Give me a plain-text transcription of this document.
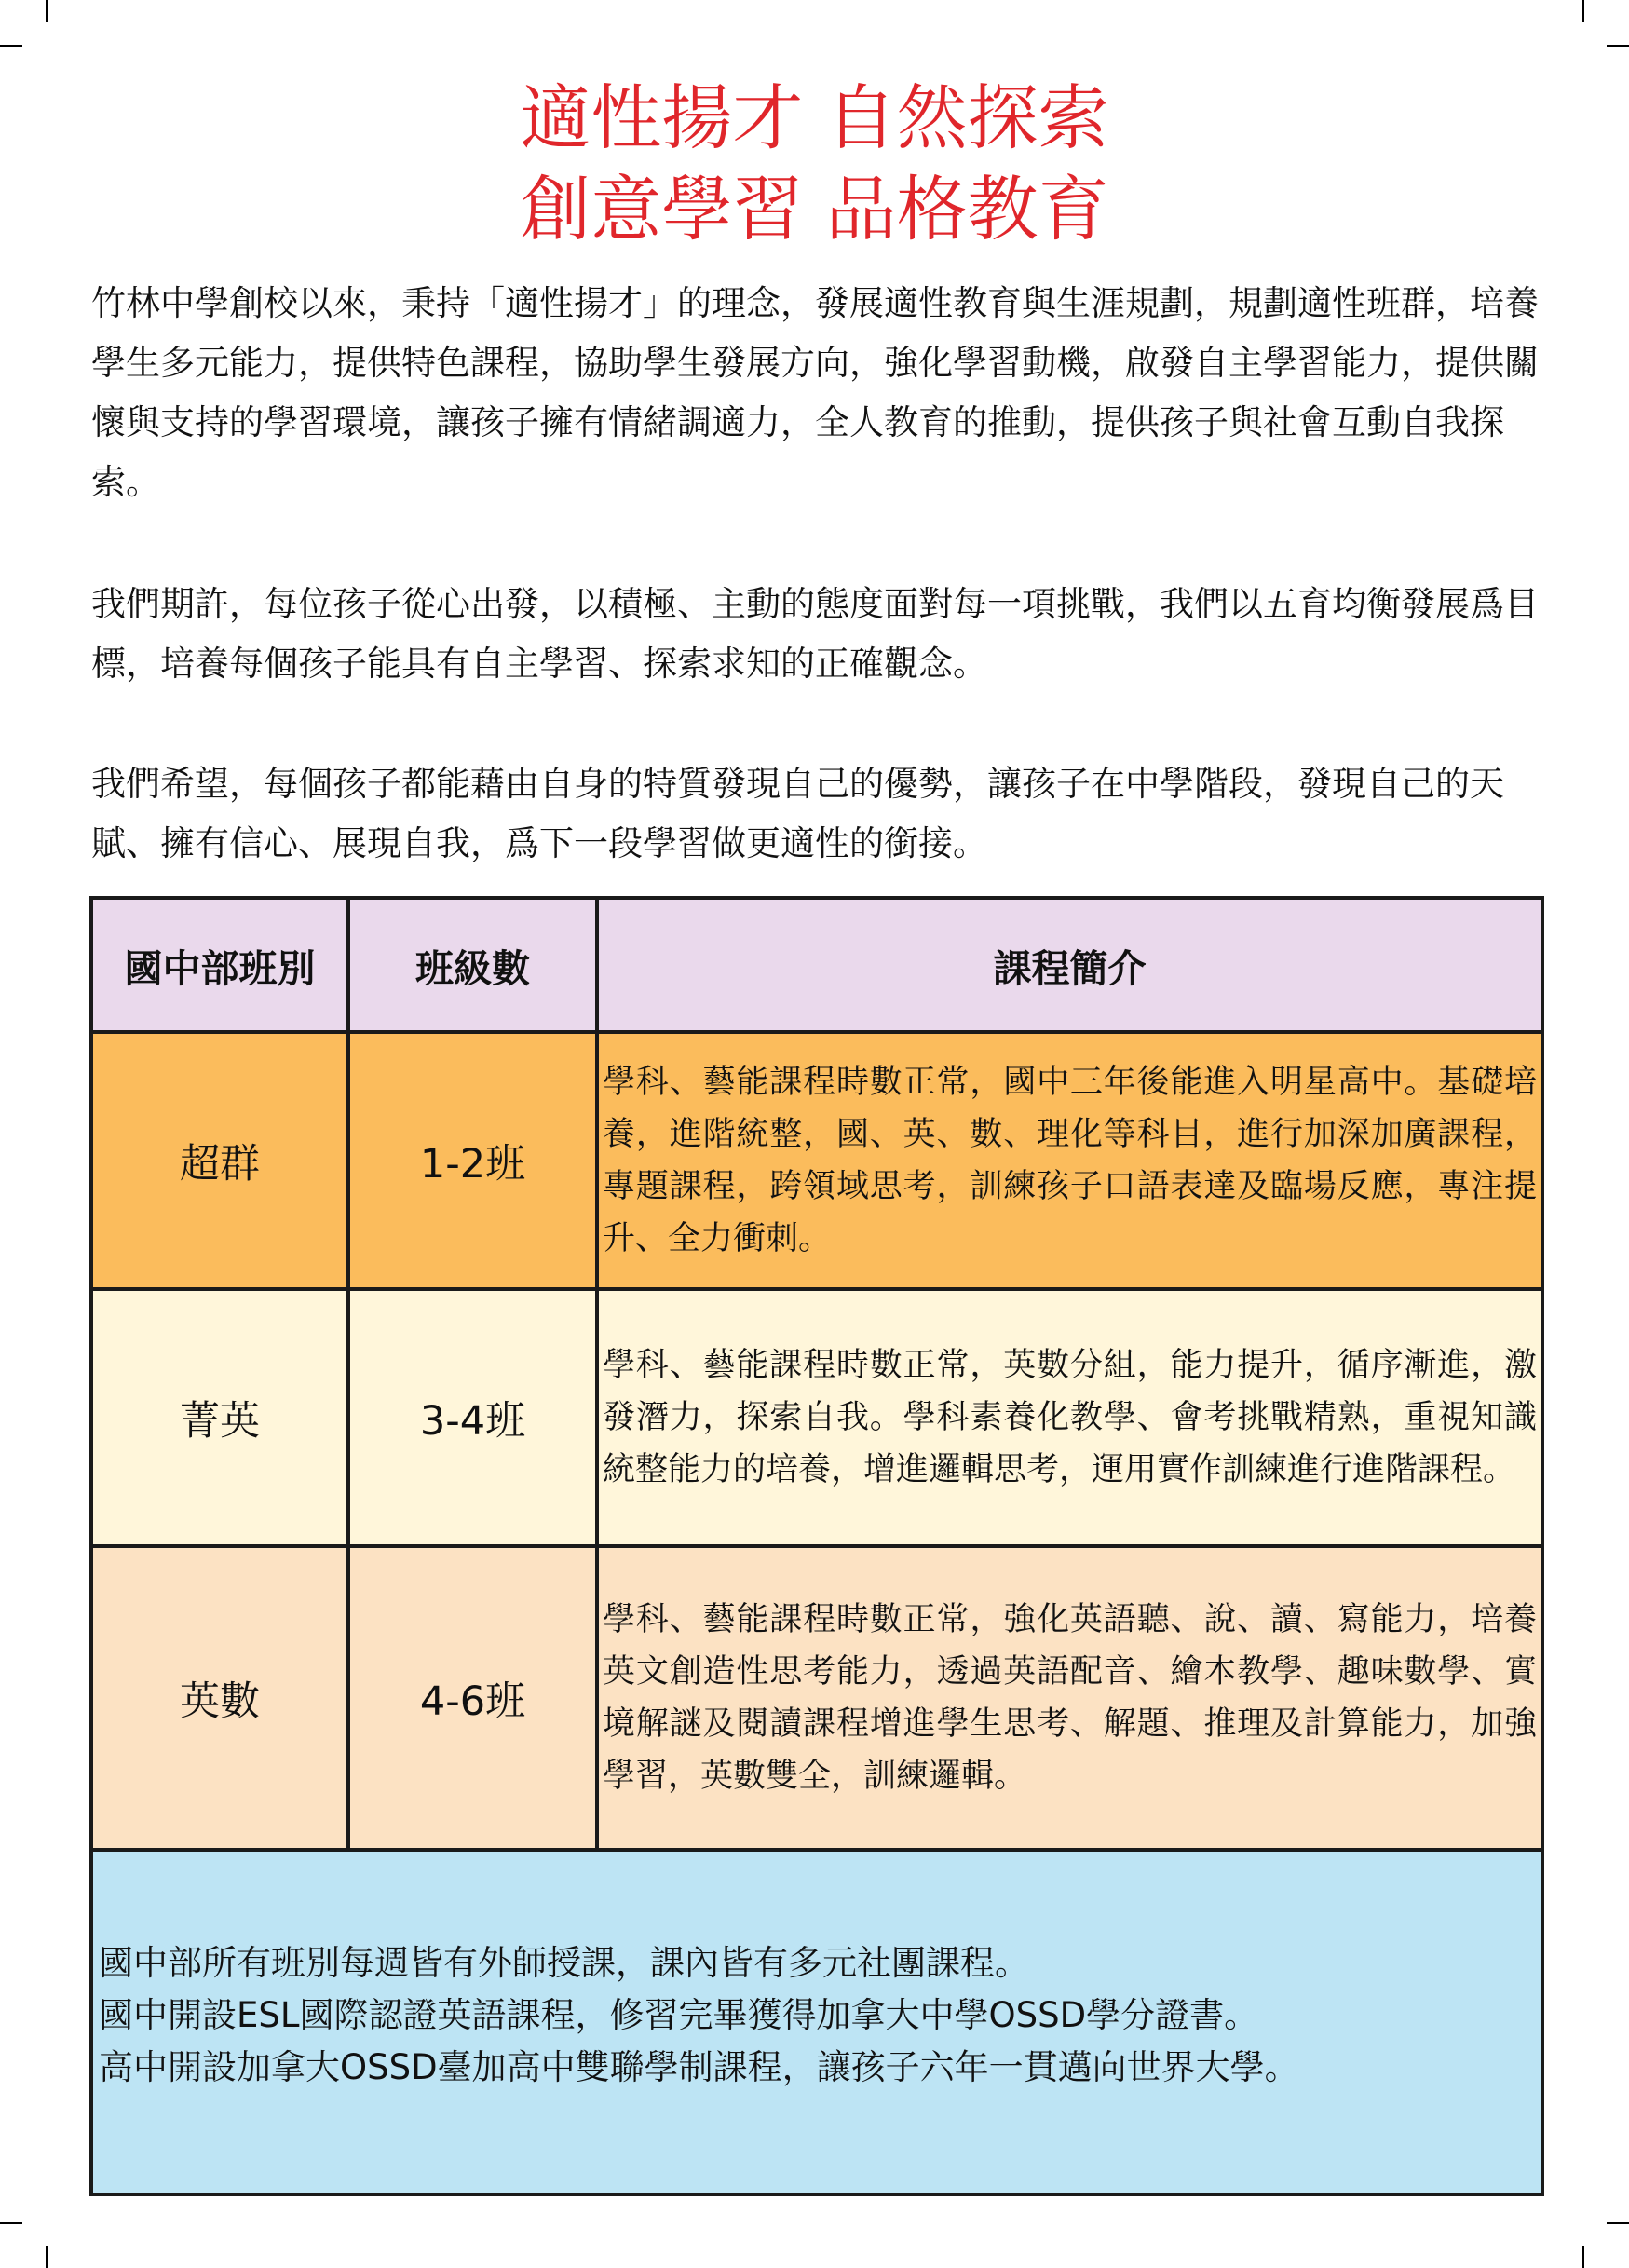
適性揚才 自然探索
創意學習 品格教育

竹林中學創校以來，秉持「適性揚才」的理念，發展適性教育與生涯規劃，規劃適性班群，培養學生多元能力，提供特色課程，協助學生發展方向，強化學習動機，啟發自主學習能力，提供關懷與支持的學習環境，讓孩子擁有情緒調適力，全人教育的推動，提供孩子與社會互動自我探索。

我們期許，每位孩子從心出發，以積極、主動的態度面對每一項挑戰，我們以五育均衡發展爲目標，培養每個孩子能具有自主學習、探索求知的正確觀念。

我們希望，每個孩子都能藉由自身的特質發現自己的優勢，讓孩子在中學階段，發現自己的天賦、擁有信心、展現自我，爲下一段學習做更適性的銜接。

國中部班別	班級數	課程簡介
超群	1-2班	學科、藝能課程時數正常，國中三年後能進入明星高中。基礎培養，進階統整，國、英、數、理化等科目，進行加深加廣課程，專題課程，跨領域思考，訓練孩子口語表達及臨場反應，專注提升、全力衝刺。
菁英	3-4班	學科、藝能課程時數正常，英數分組，能力提升，循序漸進，激發潛力，探索自我。學科素養化教學、會考挑戰精熟，重視知識統整能力的培養，增進邏輯思考，運用實作訓練進行進階課程。
英數	4-6班	學科、藝能課程時數正常，強化英語聽、說、讀、寫能力，培養英文創造性思考能力，透過英語配音、繪本教學、趣味數學、實境解謎及閱讀課程增進學生思考、解題、推理及計算能力，加強學習，英數雙全，訓練邏輯。

國中部所有班別每週皆有外師授課，課內皆有多元社團課程。
國中開設ESL國際認證英語課程，修習完畢獲得加拿大中學OSSD學分證書。
高中開設加拿大OSSD臺加高中雙聯學制課程，讓孩子六年一貫邁向世界大學。		
